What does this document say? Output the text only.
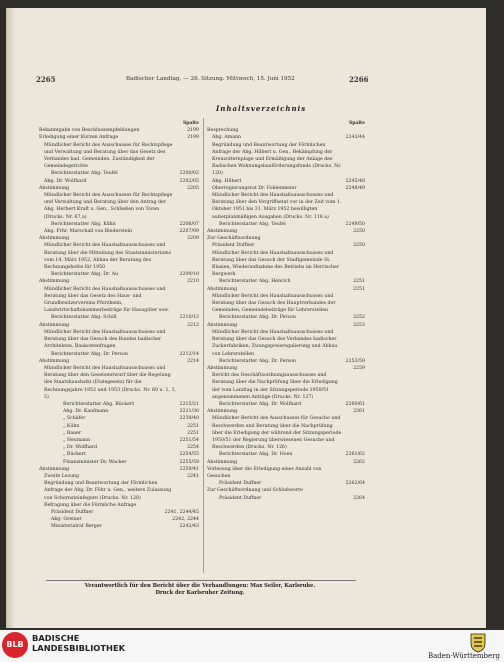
2265	Badischer Landtag. — 26. Sitzung. Mittwoch, 15. Juni 1952	2266
Inhaltsverzeichnis
Spalte
Bekanntgabe von Beschlussempfehlungen	2199
Erledigung einer Kurzen Anfrage	2199
Mündlicher Bericht des Ausschusses für Rechtspflege und Verwaltung und Beratung über das Gesetz des Verbandes bad. Gemeinden, Zuständigkeit der Gemeindegerichte
Berichterstatter Abg. Teufel	2200/02
Abg. Dr. Wolfhard	2202/05
Abstimmung	2205
Mündlicher Bericht des Ausschusses für Rechtspflege und Verwaltung und Beratung über den Antrag der Abg. Herbert Kraft u. Gen., Schließen von Toren (Drucks. Nr. 67,a)
Berichterstatter Abg. Kühn	2206/07
Abg. Frhr. Marschall von Biederstein	2207/09
Abstimmung	2209
Mündlicher Bericht des Haushaltsausschusses und Beratung über die Mitteilung des Staatsministeriums vom 14. März 1952, Abbau der Beratung des Rechnungshofes für 1950
Berichterstatter Abg. Dr. Au	2209/10
Abstimmung	2210
Mündlicher Bericht des Haushaltsausschusses und Beratung über das Gesetz des Haus- und Grundbesitzervereins Pforzheim, Landwirtschaftskammerbeiträge für Hausgüter usw.
Berichterstatter Abg. Schill	2210/12
Abstimmung	2212
Mündlicher Bericht des Haushaltsausschusses und Beratung über das Gesuch des Bundes badischer Architekten, Baukostenfragen
Berichterstatter Abg. Dr. Person	2212/14
Abstimmung	2214
Mündlicher Bericht des Haushaltsausschusses und Beratung über den Gesetzentwurf über die Regelung des Staatshaushalts (Etatsgesetz) für die Rechnungsjahre 1952 und 1953 (Drucks. Nr. 60 u. 1, 3, 5)
Berichterstatter Abg. Rückert	2215/21
Abg. Dr. Kaufmann	2221/30
„ Schäfer	2230/40
„ Kühn	2251
„ Bauer	2251
„ Neumann	2251/54
„ Dr. Wolfhard	2254
„ Rückert	2254/55
Finanzminister Dr. Wacker	2255/59
Abstimmung	2259/41
Zweite Lesung	2241
Begründung und Beantwortung der Förmlichen Anfrage der Abg. Dr. Föhr u. Gen., weitere Zulassung von Schornsteinfegern (Drucks. Nr. 128)
Befragung über die Förmliche Anfrage
Präsident Duffner	2241, 2244/45
Abg. Greiner	2242, 2244
Ministerialrat Berger	2242/43
Spalte
Besprechung
Abg. Amann	2243/44
Begründung und Beantwortung der Förmlichen Anfrage der Abg. Hilbert u. Gen., Bekämpfung der Kreuzotternplage und Ermäßigung der Anlage des Badischen Wohnungsbauförderungsfonds (Drucks. Nr. 120)
Abg. Hilbert	2245/48
Oberregierungsrat Dr. Fohlenmeier	2248/49
Mündlicher Bericht des Haushaltsausschusses und Beratung über den Vorgriffsetat vor in der Zeit vom 1. Oktober 1951 bis 31. März 1952 bewilligten außerplanmäßigen Ausgaben (Drucks. Nr. 118 a)
Berichterstatter Abg. Teufel	2249/50
Abstimmung	2250
Zur Geschäftsordnung
Präsident Duffner	2250
Mündlicher Bericht des Haushaltsausschusses und Beratung über das Gesuch der Stadtgemeinde St. Blasien, Wiederaufnahme des Betriebs im Herrischer Bergwerk
Berichterstatter Abg. Henrich	2251
Abstimmung	2251
Mündlicher Bericht des Haushaltsausschusses und Beratung über das Gesuch des Hauptverbandes der Gemeinden, Gemeindebeiträge für Lehrerstellen
Berichterstatter Abg. Dr. Person	2252
Abstimmung	2253
Mündlicher Bericht des Haushaltsausschusses und Beratung über das Gesuch des Verbandes badischer Zuckerfabriken, Zwangspreisregulierung und Abbau von Lehrerstellen
Berichterstatter Abg. Dr. Person	2253/59
Abstimmung	2259
Bericht des Geschäftsordnungsausschusses und Beratung über die Nachprüfung über die Erledigung der vom Landtag in der Sitzungsperiode 1950/51 angenommenen Anträge (Drucks. Nr. 127)
Berichterstatter Abg. Dr. Wolfhard	2260/61
Abstimmung	2261
Mündlicher Bericht des Ausschusses für Gesuche und Beschwerden und Beratung über die Nachprüfung über die Erledigung der während der Sitzungsperiode 1950/51 der Regierung überwiesenen Gesuche und Beschwerden (Drucks. Nr. 126)
Berichterstatter Abg. Dr. Hoen	2261/62
Abstimmung	2262
Vorlesung über die Erledigung einer Anzahl von Gesuchen
Präsident Duffner	2262/64
Zur Geschäftsordnung und Schlußworte
Präsident Duffner	2264
Verantwortlich für den Bericht über die Verhandlungen: Max Seiler, Karlsruhe.
Druck der Karlsruher Zeitung.
BLB
BADISCHE
LANDESBIBLIOTHEK
Baden-Württemberg
